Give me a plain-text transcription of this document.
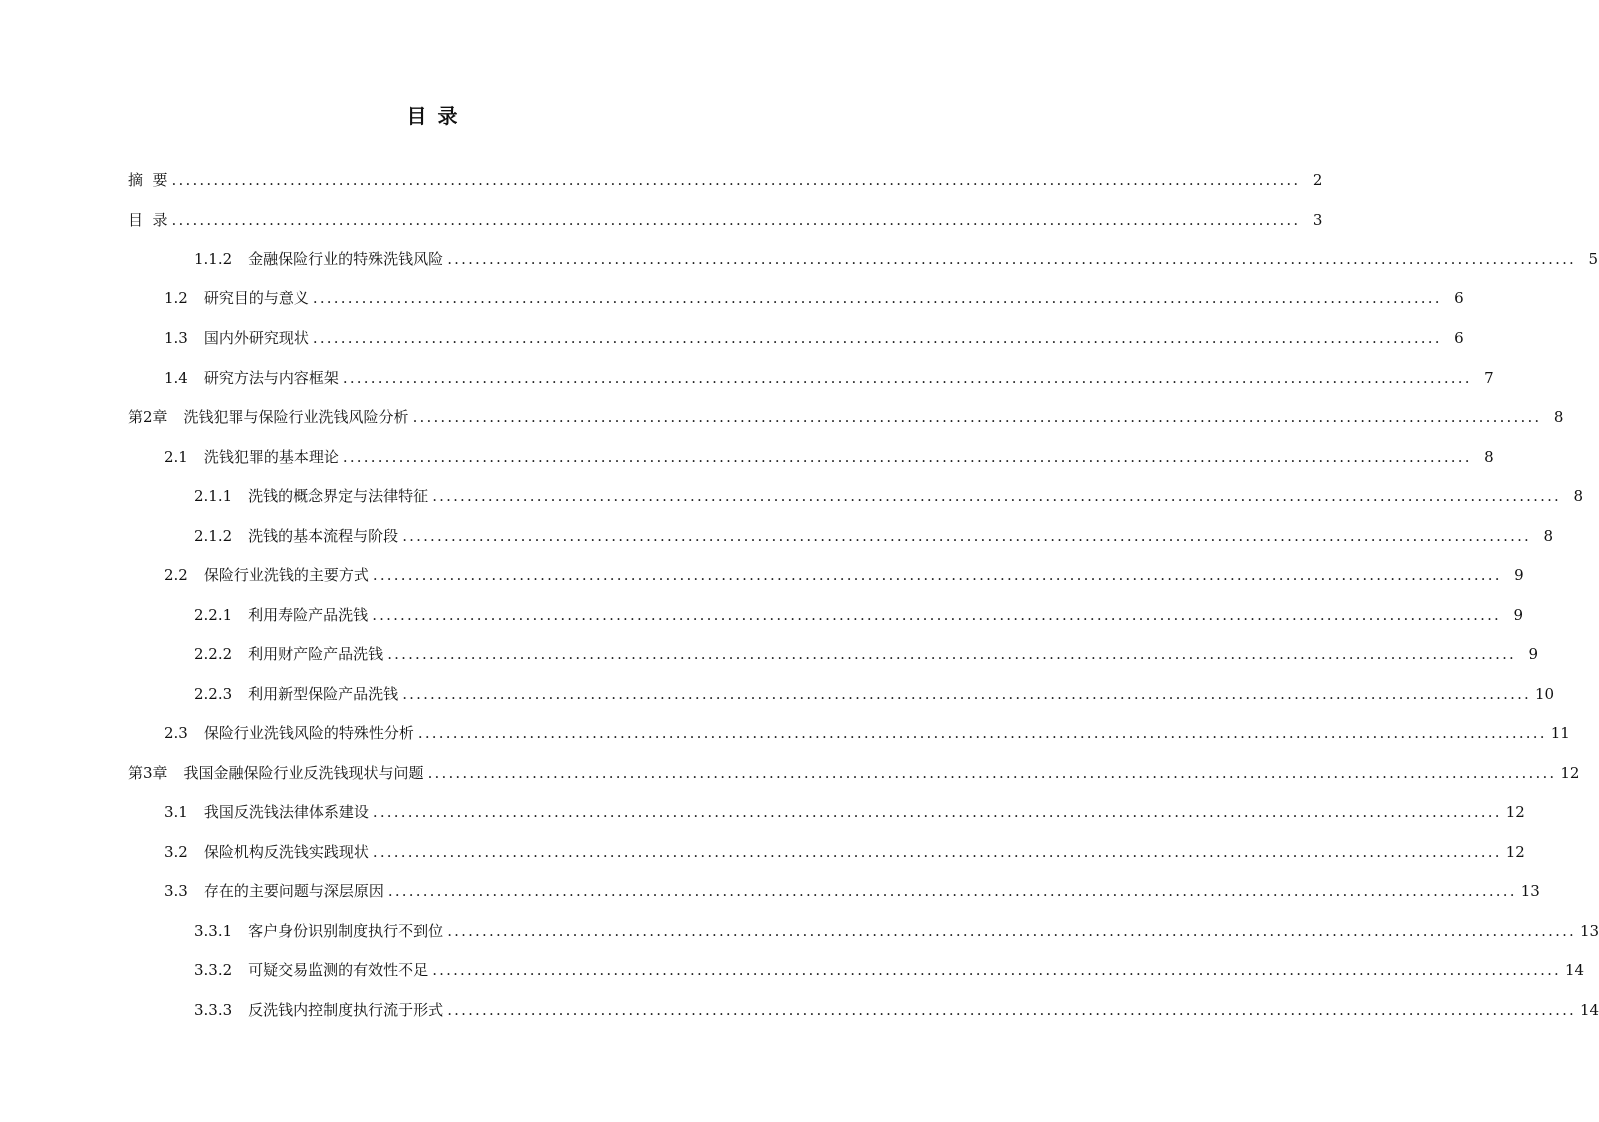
目 录
摘  要 .................................................................................................................................................................. 2
目  录 .................................................................................................................................................................. 3
1.1.2 金融保险行业的特殊洗钱风险 .................................................................................................................................................................. 5
1.2 研究目的与意义 .................................................................................................................................................................. 6
1.3 国内外研究现状 .................................................................................................................................................................. 6
1.4 研究方法与内容框架 .................................................................................................................................................................. 7
第2章 洗钱犯罪与保险行业洗钱风险分析 .................................................................................................................................................................. 8
2.1 洗钱犯罪的基本理论 .................................................................................................................................................................. 8
2.1.1 洗钱的概念界定与法律特征 .................................................................................................................................................................. 8
2.1.2 洗钱的基本流程与阶段 .................................................................................................................................................................. 8
2.2 保险行业洗钱的主要方式 .................................................................................................................................................................. 9
2.2.1 利用寿险产品洗钱 .................................................................................................................................................................. 9
2.2.2 利用财产险产品洗钱 .................................................................................................................................................................. 9
2.2.3 利用新型保险产品洗钱 .................................................................................................................................................................. 10
2.3 保险行业洗钱风险的特殊性分析 .................................................................................................................................................................. 11
第3章 我国金融保险行业反洗钱现状与问题 .................................................................................................................................................................. 12
3.1 我国反洗钱法律体系建设 .................................................................................................................................................................. 12
3.2 保险机构反洗钱实践现状 .................................................................................................................................................................. 12
3.3 存在的主要问题与深层原因 .................................................................................................................................................................. 13
3.3.1 客户身份识别制度执行不到位 .................................................................................................................................................................. 13
3.3.2 可疑交易监测的有效性不足 .................................................................................................................................................................. 14
3.3.3 反洗钱内控制度执行流于形式 .................................................................................................................................................................. 14
